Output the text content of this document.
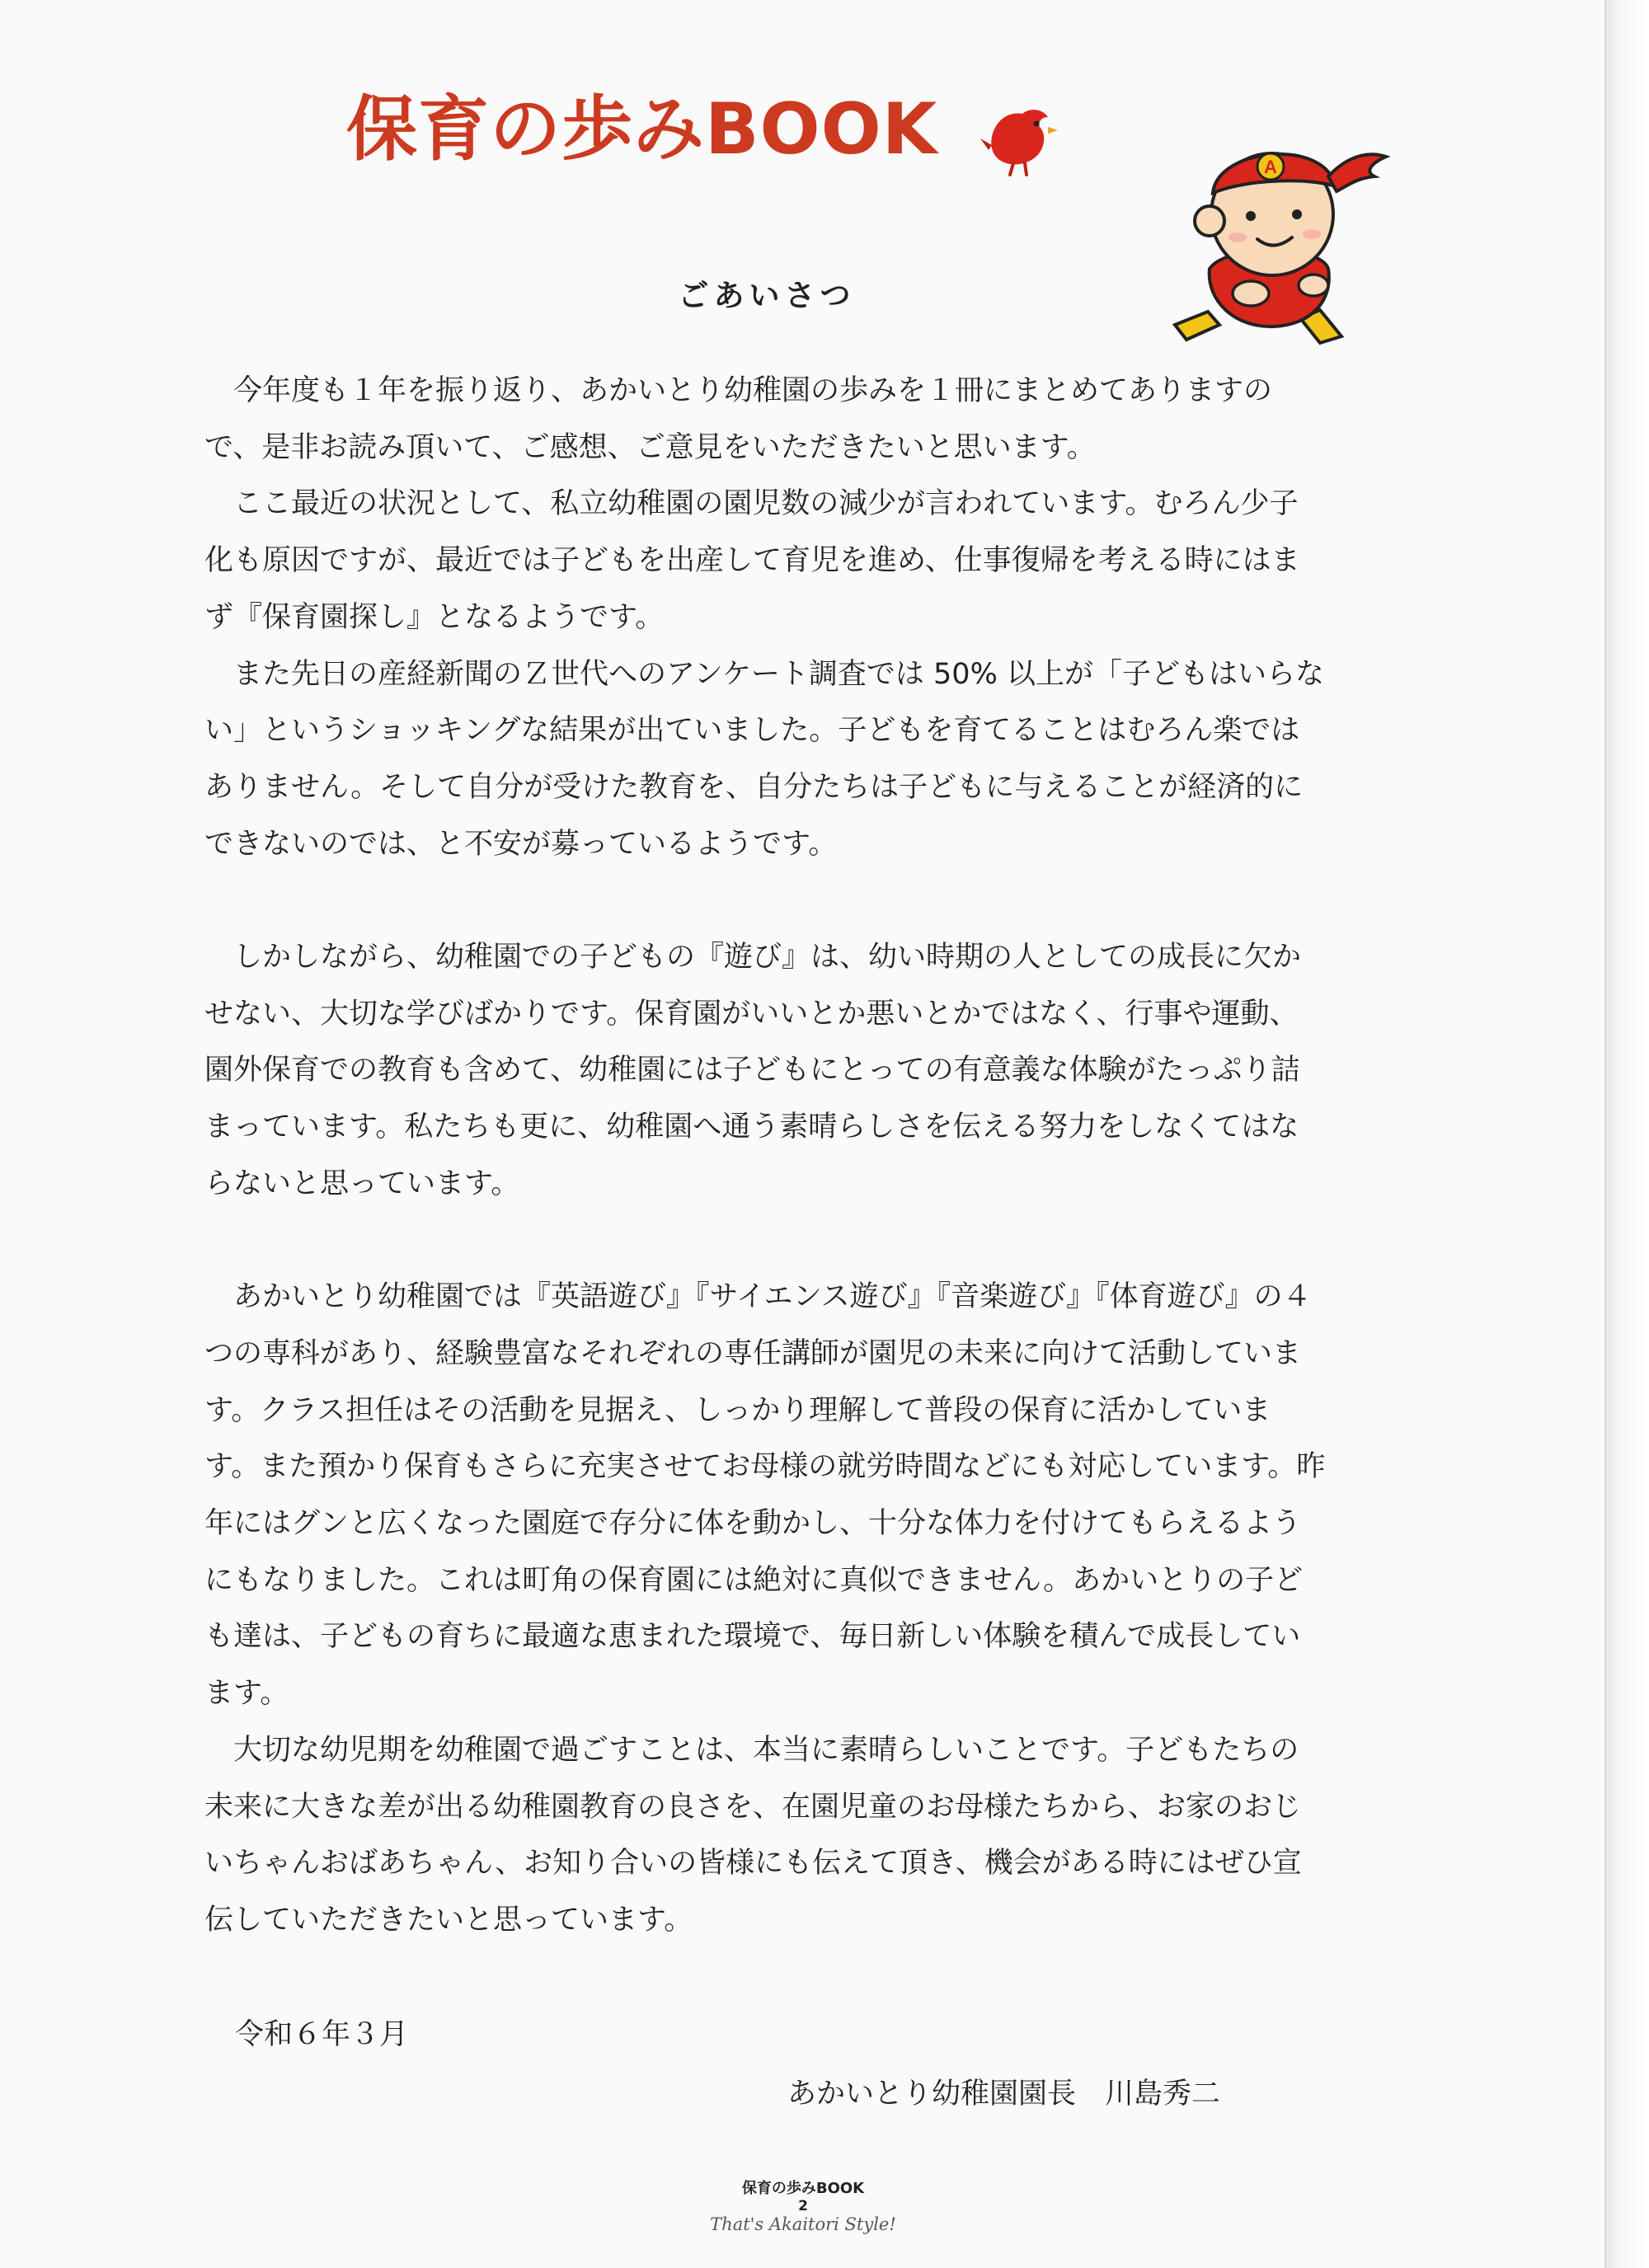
保育の歩みBOOK	A
ごあいさつ

今年度も１年を振り返り、あかいとり幼稚園の歩みを１冊にまとめてありますので、是非お読み頂いて、ご感想、ご意見をいただきたいと思います。

ここ最近の状況として、私立幼稚園の園児数の減少が言われています。むろん少子化も原因ですが、最近では子どもを出産して育児を進め、仕事復帰を考える時にはまず『保育園探し』となるようです。

また先日の産経新聞のＺ世代へのアンケート調査では 50% 以上が「子どもはいらない」というショッキングな結果が出ていました。子どもを育てることはむろん楽ではありません。そして自分が受けた教育を、自分たちは子どもに与えることが経済的にできないのでは、と不安が募っているようです。

しかしながら、幼稚園での子どもの『遊び』は、幼い時期の人としての成長に欠かせない、大切な学びばかりです。保育園がいいとか悪いとかではなく、行事や運動、園外保育での教育も含めて、幼稚園には子どもにとっての有意義な体験がたっぷり詰まっています。私たちも更に、幼稚園へ通う素晴らしさを伝える努力をしなくてはならないと思っています。

あかいとり幼稚園では『英語遊び』『サイエンス遊び』『音楽遊び』『体育遊び』の４つの専科があり、経験豊富なそれぞれの専任講師が園児の未来に向けて活動しています。クラス担任はその活動を見据え、しっかり理解して普段の保育に活かしています。また預かり保育もさらに充実させてお母様の就労時間などにも対応しています。昨年にはグンと広くなった園庭で存分に体を動かし、十分な体力を付けてもらえるようにもなりました。これは町角の保育園には絶対に真似できません。あかいとりの子ども達は、子どもの育ちに最適な恵まれた環境で、毎日新しい体験を積んで成長しています。

大切な幼児期を幼稚園で過ごすことは、本当に素晴らしいことです。子どもたちの未来に大きな差が出る幼稚園教育の良さを、在園児童のお母様たちから、お家のおじいちゃんおばあちゃん、お知り合いの皆様にも伝えて頂き、機会がある時にはぜひ宣伝していただきたいと思っています。

令和６年３月

あかいとり幼稚園園長　川島秀二

保育の歩みBOOK
2
That's Akaitori Style!
